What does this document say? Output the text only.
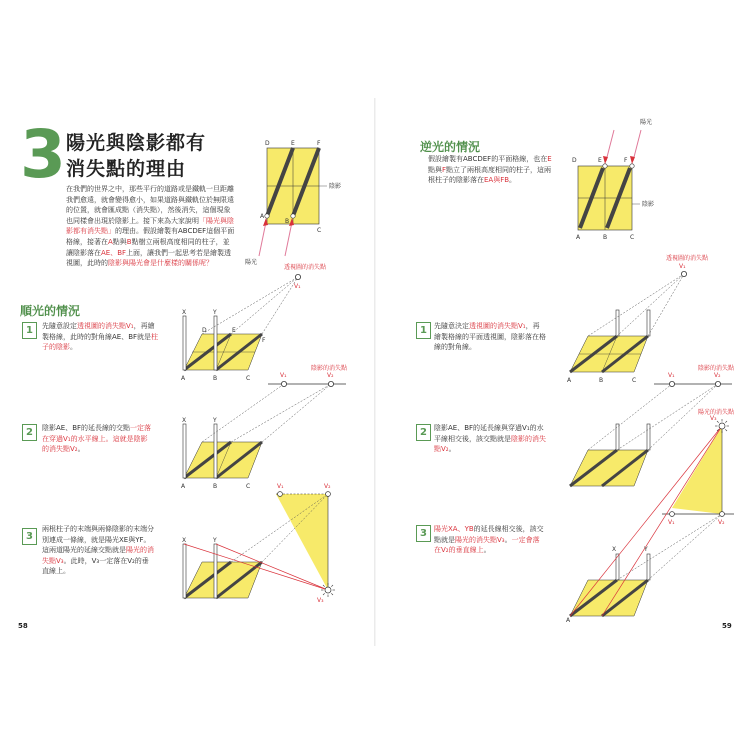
3 陽光與陰影都有
消失點的理由
在我們的世界之中，那些平行的道路或是鐵軌一旦距離我們愈遠，就會變得愈小，如果道路與鐵軌位於無限遠的位置，就會匯成點（消失點），然後消失，這個現象也同樣會出現於陰影上。接下來為大家說明「陽光與陰影都有消失點」的理由。假設繪製有ABCDEF這個平面格線，接著在A點與B點樹立兩根高度相同的柱子，並讓陰影落在AE、BF上面，讓我們一起思考若是繪製透視圖，此時的陰影與陽光會是什麼樣的關係呢？
順光的情況
1	先隨意設定透視圖的消失點V₁，再繪製格線，此時的對角線AE、BF就是柱子的陰影。
2	陰影AE、BF的延長線的交點一定落在穿過V₁的水平線上。這就是陰影的消失點V₂。
3
兩根柱子的末端與兩條陰影的末端分別連成一條線，就是陽光XE與YF。這兩道陽光的延線交點就是陽光的消失點V₃。此時，V₃一定落在V₂的垂直線上。
58
D	E	F
A
B
C
陰影
陽光
透視圖的消失點
V₁
X	Y
A	B	C
D	E
F
陰影的消失點
V₁	V₂
X	Y
A	B	C	V₁	V₂
V₃
X	Y
逆光的情況
假設繪製有ABCDEF的平面格線，也在E點與F點立了兩根高度相同的柱子，這兩根柱子的陰影落在EA與FB。
1	先隨意決定透視圖的消失點V₁，再繪製格線的平面透視圖，陰影落在格線的對角線。
2	陰影AE、BF的延長線與穿過V₁的水平線相交後，該交點就是陰影的消失點V₂。
3	陽光XA、YB的延長線相交後，該交點就是陽光的消失點V₃。一定會落在V₂的垂直線上。
59
陽光
陰影
D	E	F
A	B	C
透視圖的消失點
V₁
A	B	C
陰影的消失點
V₁	V₂
陽光的消失點
V₃
V₁	V₂
X	Y
A
